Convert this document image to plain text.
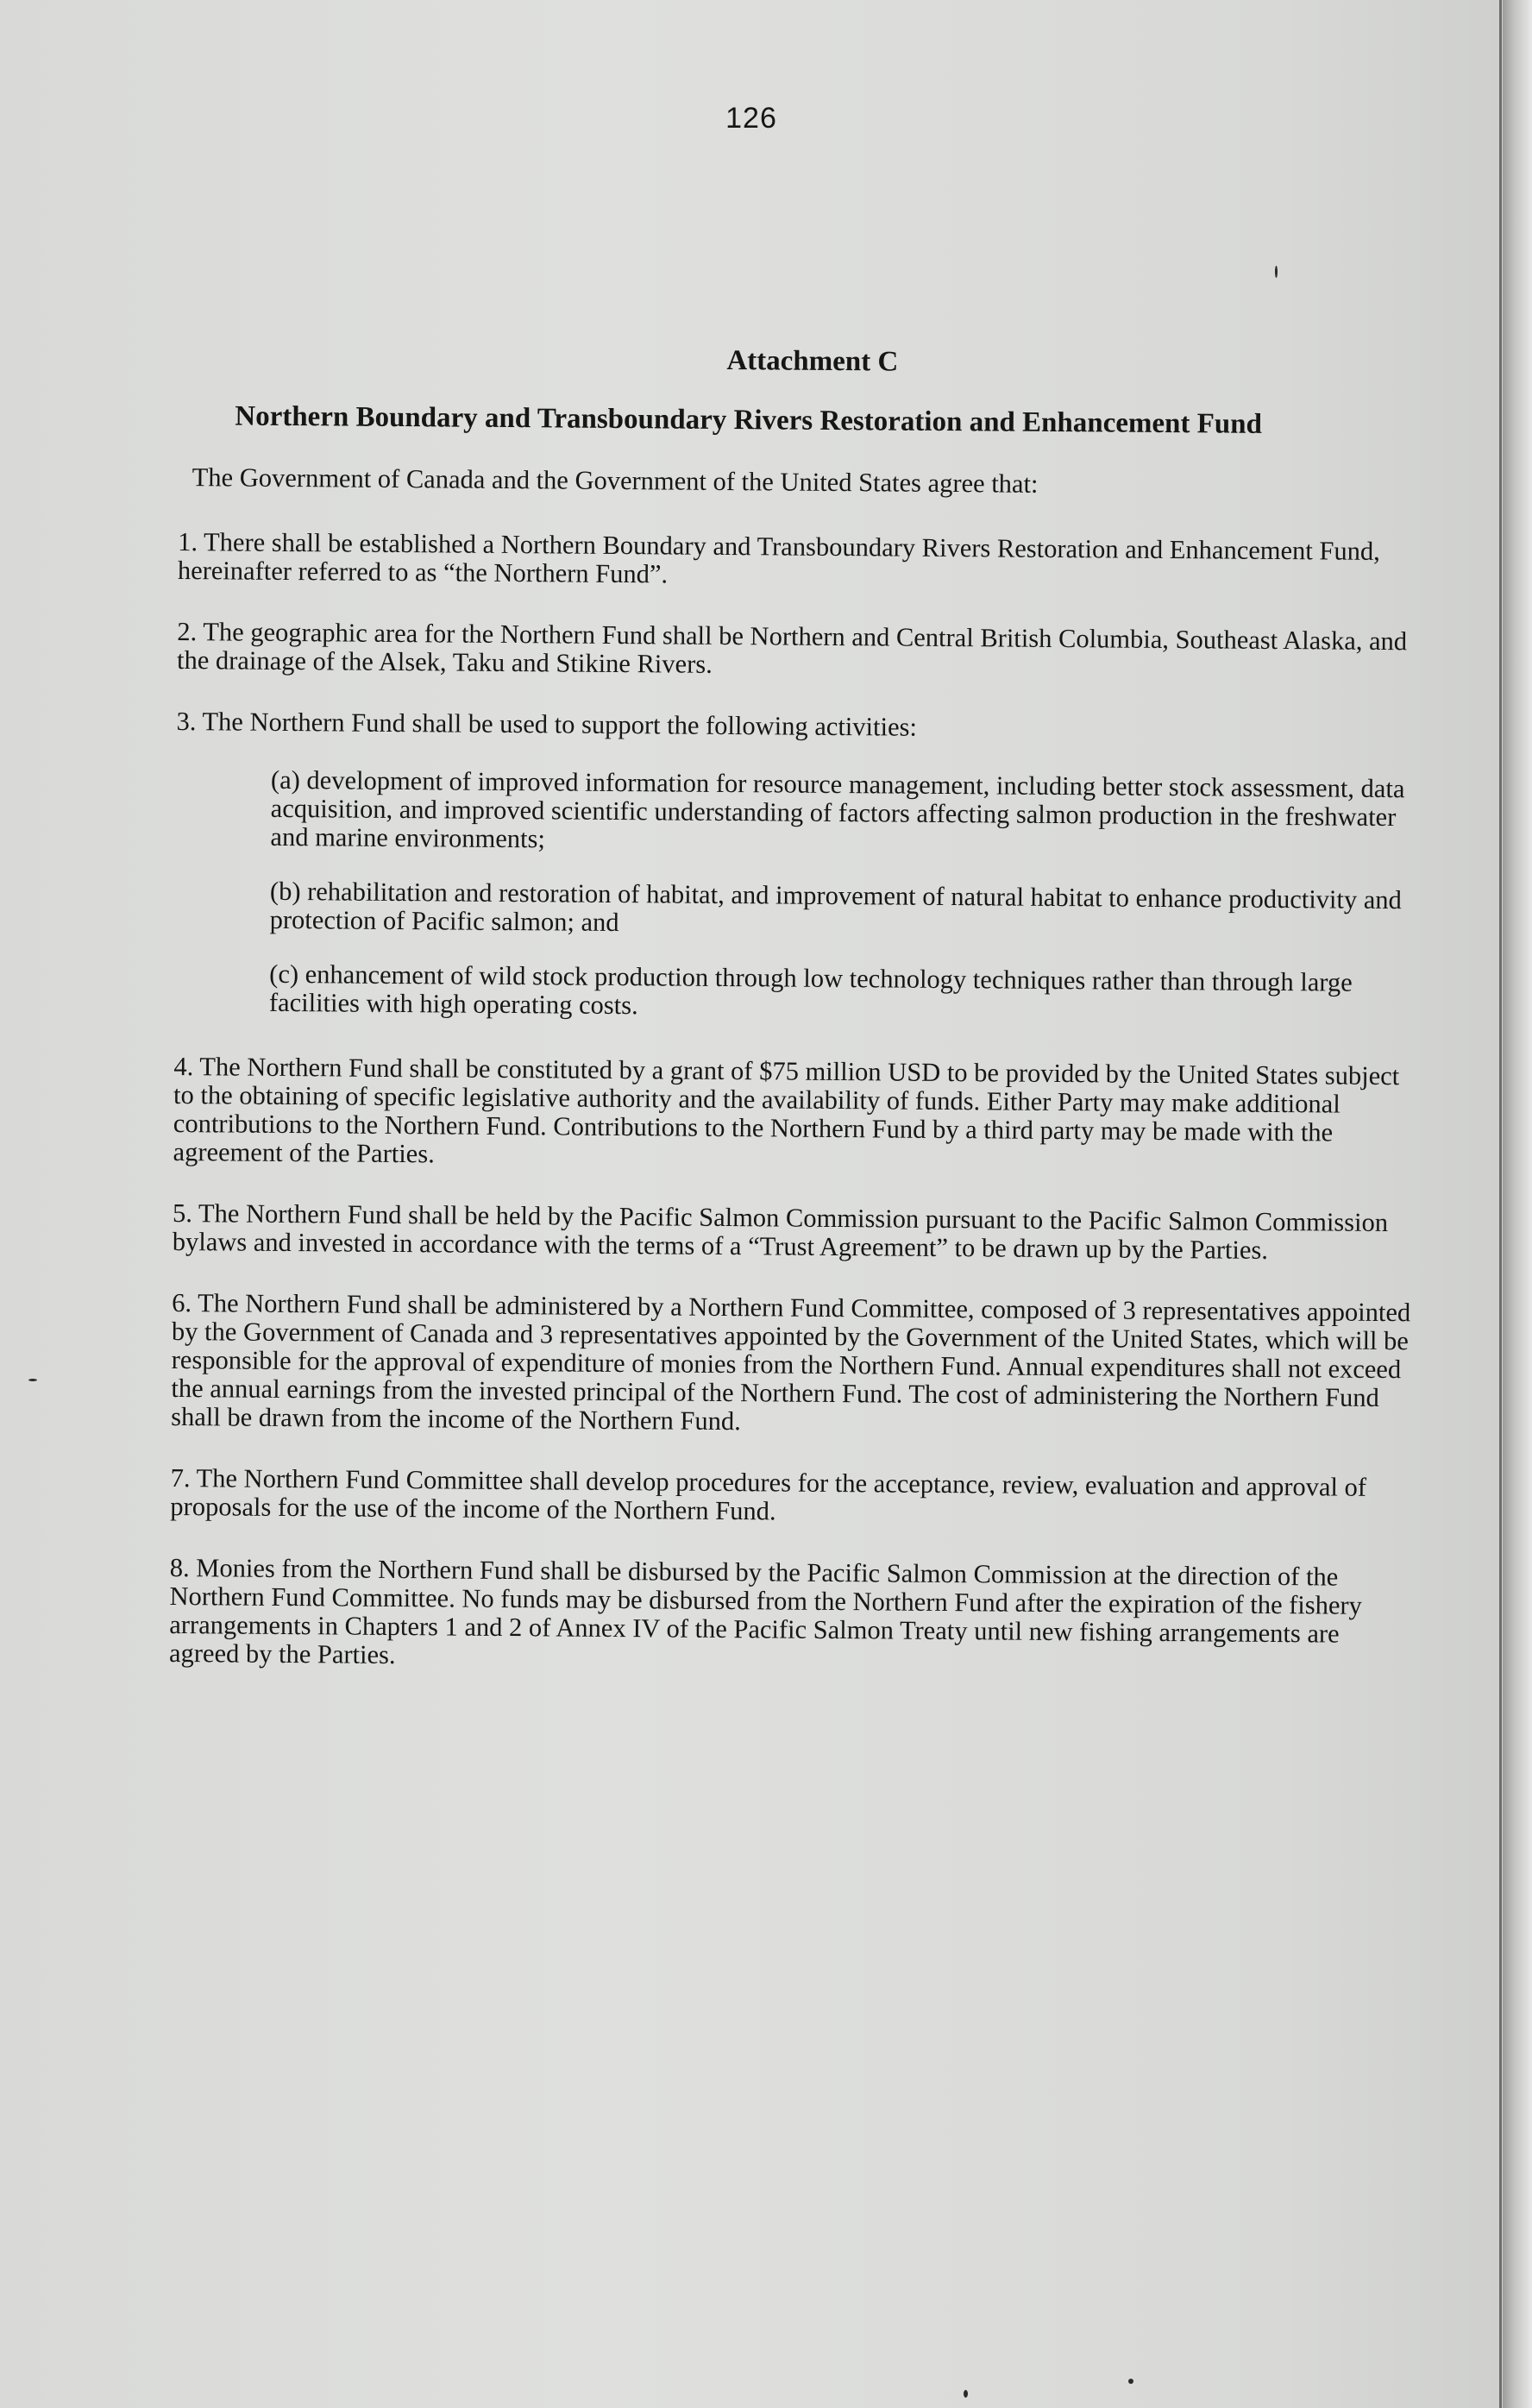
126
Attachment C
Northern Boundary and Transboundary Rivers Restoration and Enhancement Fund

The Government of Canada and the Government of the United States agree that:

1. There shall be established a Northern Boundary and Transboundary Rivers Restoration and Enhancement Fund, hereinafter referred to as “the Northern Fund”.

2. The geographic area for the Northern Fund shall be Northern and Central British Columbia, Southeast Alaska, and the drainage of the Alsek, Taku and Stikine Rivers.

3. The Northern Fund shall be used to support the following activities:

(a) development of improved information for resource management, including better stock assessment, data acquisition, and improved scientific understanding of factors affecting salmon production in the freshwater and marine environments;

(b) rehabilitation and restoration of habitat, and improvement of natural habitat to enhance productivity and protection of Pacific salmon; and

(c) enhancement of wild stock production through low technology techniques rather than through large facilities with high operating costs.

4. The Northern Fund shall be constituted by a grant of $75 million USD to be provided by the United States subject to the obtaining of specific legislative authority and the availability of funds. Either Party may make additional contributions to the Northern Fund. Contributions to the Northern Fund by a third party may be made with the agreement of the Parties.

5. The Northern Fund shall be held by the Pacific Salmon Commission pursuant to the Pacific Salmon Commission bylaws and invested in accordance with the terms of a “Trust Agreement” to be drawn up by the Parties.

6. The Northern Fund shall be administered by a Northern Fund Committee, composed of 3 representatives appointed by the Government of Canada and 3 representatives appointed by the Government of the United States, which will be responsible for the approval of expenditure of monies from the Northern Fund. Annual expenditures shall not exceed the annual earnings from the invested principal of the Northern Fund. The cost of administering the Northern Fund shall be drawn from the income of the Northern Fund.

7. The Northern Fund Committee shall develop procedures for the acceptance, review, evaluation and approval of proposals for the use of the income of the Northern Fund.

8. Monies from the Northern Fund shall be disbursed by the Pacific Salmon Commission at the direction of the Northern Fund Committee. No funds may be disbursed from the Northern Fund after the expiration of the fishery arrangements in Chapters 1 and 2 of Annex IV of the Pacific Salmon Treaty until new fishing arrangements are agreed by the Parties.
